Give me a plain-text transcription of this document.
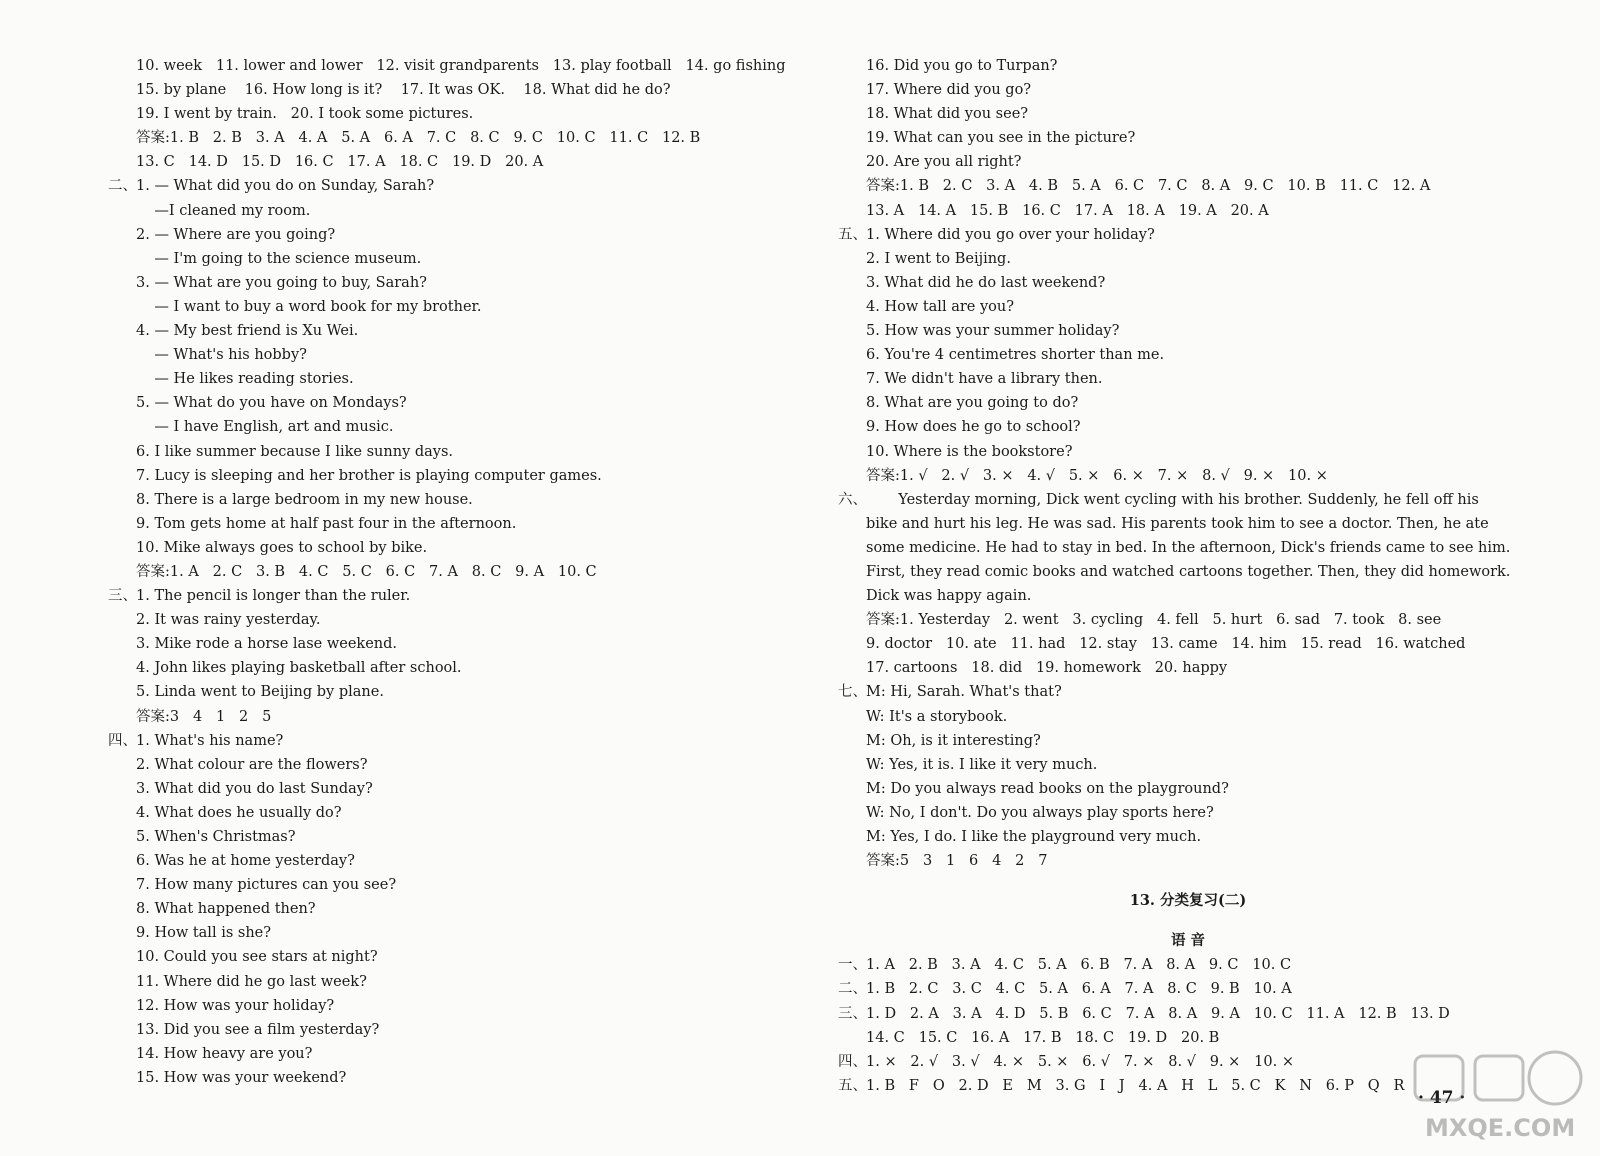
10. week   11. lower and lower   12. visit grandparents   13. play football   14. go fishing
15. by plane    16. How long is it?    17. It was OK.    18. What did he do?
19. I went by train.   20. I took some pictures.
答案:1. B   2. B   3. A   4. A   5. A   6. A   7. C   8. C   9. C   10. C   11. C   12. B
13. C   14. D   15. D   16. C   17. A   18. C   19. D   20. A
二、1. — What did you do on Sunday, Sarah?
—I cleaned my room.
2. — Where are you going?
— I'm going to the science museum.
3. — What are you going to buy, Sarah?
— I want to buy a word book for my brother.
4. — My best friend is Xu Wei.
— What's his hobby?
— He likes reading stories.
5. — What do you have on Mondays?
— I have English, art and music.
6. I like summer because I like sunny days.
7. Lucy is sleeping and her brother is playing computer games.
8. There is a large bedroom in my new house.
9. Tom gets home at half past four in the afternoon.
10. Mike always goes to school by bike.
答案:1. A   2. C   3. B   4. C   5. C   6. C   7. A   8. C   9. A   10. C
三、1. The pencil is longer than the ruler.
2. It was rainy yesterday.
3. Mike rode a horse lase weekend.
4. John likes playing basketball after school.
5. Linda went to Beijing by plane.
答案:3   4   1   2   5
四、1. What's his name?
2. What colour are the flowers?
3. What did you do last Sunday?
4. What does he usually do?
5. When's Christmas?
6. Was he at home yesterday?
7. How many pictures can you see?
8. What happened then?
9. How tall is she?
10. Could you see stars at night?
11. Where did he go last week?
12. How was your holiday?
13. Did you see a film yesterday?
14. How heavy are you?
15. How was your weekend?
16. Did you go to Turpan?
17. Where did you go?
18. What did you see?
19. What can you see in the picture?
20. Are you all right?
答案:1. B   2. C   3. A   4. B   5. A   6. C   7. C   8. A   9. C   10. B   11. C   12. A
13. A   14. A   15. B   16. C   17. A   18. A   19. A   20. A
五、1. Where did you go over your holiday?
2. I went to Beijing.
3. What did he do last weekend?
4. How tall are you?
5. How was your summer holiday?
6. You're 4 centimetres shorter than me.
7. We didn't have a library then.
8. What are you going to do?
9. How does he go to school?
10. Where is the bookstore?
答案:1. √   2. √   3. ×   4. √   5. ×   6. ×   7. ×   8. √   9. ×   10. ×
六、       Yesterday morning, Dick went cycling with his brother. Suddenly, he fell off his
bike and hurt his leg. He was sad. His parents took him to see a doctor. Then, he ate
some medicine. He had to stay in bed. In the afternoon, Dick's friends came to see him.
First, they read comic books and watched cartoons together. Then, they did homework.
Dick was happy again.
答案:1. Yesterday   2. went   3. cycling   4. fell   5. hurt   6. sad   7. took   8. see
9. doctor   10. ate   11. had   12. stay   13. came   14. him   15. read   16. watched
17. cartoons   18. did   19. homework   20. happy
七、M: Hi, Sarah. What's that?
W: It's a storybook.
M: Oh, is it interesting?
W: Yes, it is. I like it very much.
M: Do you always read books on the playground?
W: No, I don't. Do you always play sports here?
M: Yes, I do. I like the playground very much.
答案:5   3   1   6   4   2   7
13. 分类复习(二)
语 音
一、1. A   2. B   3. A   4. C   5. A   6. B   7. A   8. A   9. C   10. C
二、1. B   2. C   3. C   4. C   5. A   6. A   7. A   8. C   9. B   10. A
三、1. D   2. A   3. A   4. D   5. B   6. C   7. A   8. A   9. A   10. C   11. A   12. B   13. D
14. C   15. C   16. A   17. B   18. C   19. D   20. B
四、1. ×   2. √   3. √   4. ×   5. ×   6. √   7. ×   8. √   9. ×   10. ×
五、1. B   F   O   2. D   E   M   3. G   I   J   4. A   H   L   5. C   K   N   6. P   Q   R
· 47 ·
MXQE.COM
